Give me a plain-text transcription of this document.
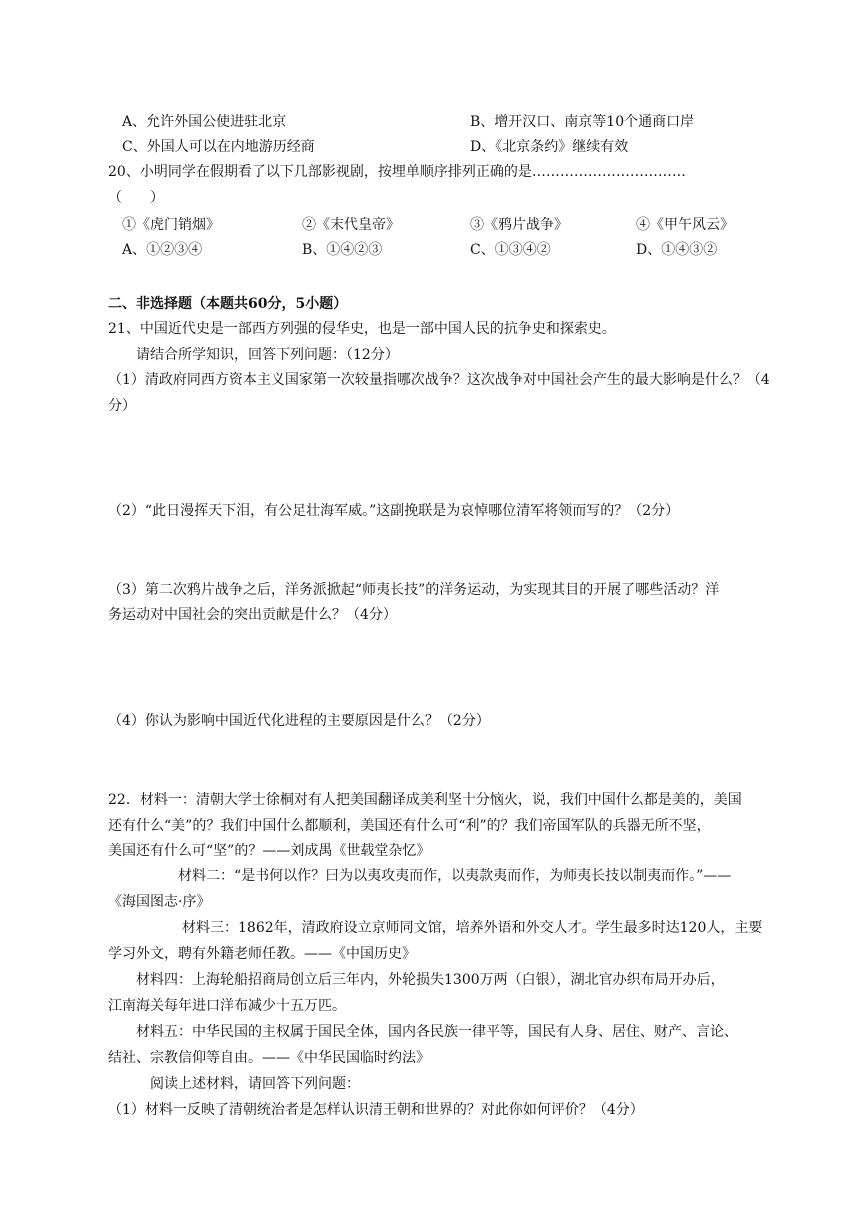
A、允许外国公使进驻北京	B、增开汉口、南京等10个通商口岸
C、外国人可以在内地游历经商	D、《北京条约》继续有效
20、小明同学在假期看了以下几部影视剧，按埋单顺序排列正确的是……………………………
（　　）
①《虎门销烟》	②《末代皇帝》	③《鸦片战争》	④《甲午风云》
A、①②③④	B、①④②③	C、①③④②	D、①④③②
二、非选择题（本题共60分，5小题）
21、中国近代史是一部西方列强的侵华史，也是一部中国人民的抗争史和探索史。
请结合所学知识，回答下列问题：（12分）
（1）清政府同西方资本主义国家第一次较量指哪次战争？这次战争对中国社会产生的最大影响是什么？（4
分）
（2）“此日漫挥天下泪，有公足壮海军威。”这副挽联是为哀悼哪位清军将领而写的？（2分）
（3）第二次鸦片战争之后，洋务派掀起“师夷长技”的洋务运动，为实现其目的开展了哪些活动？洋
务运动对中国社会的突出贡献是什么？（4分）
（4）你认为影响中国近代化进程的主要原因是什么？（2分）
22．材料一：清朝大学士徐桐对有人把美国翻译成美利坚十分恼火，说，我们中国什么都是美的，美国
还有什么“美”的？我们中国什么都顺利，美国还有什么可“利”的？我们帝国军队的兵器无所不坚，
美国还有什么可“坚”的？——刘成禺《世载堂杂忆》
材料二：“是书何以作？曰为以夷攻夷而作，以夷款夷而作，为师夷长技以制夷而作。”——
《海国图志·序》
材料三：1862年，清政府设立京师同文馆，培养外语和外交人才。学生最多时达120人，主要
学习外文，聘有外籍老师任教。——《中国历史》
材料四：上海轮船招商局创立后三年内，外轮损失1300万两（白银），湖北官办织布局开办后，
江南海关每年进口洋布减少十五万匹。
材料五：中华民国的主权属于国民全体，国内各民族一律平等，国民有人身、居住、财产、言论、
结社、宗教信仰等自由。——《中华民国临时约法》
阅读上述材料，请回答下列问题：
（1）材料一反映了清朝统治者是怎样认识清王朝和世界的？对此你如何评价？（4分）
